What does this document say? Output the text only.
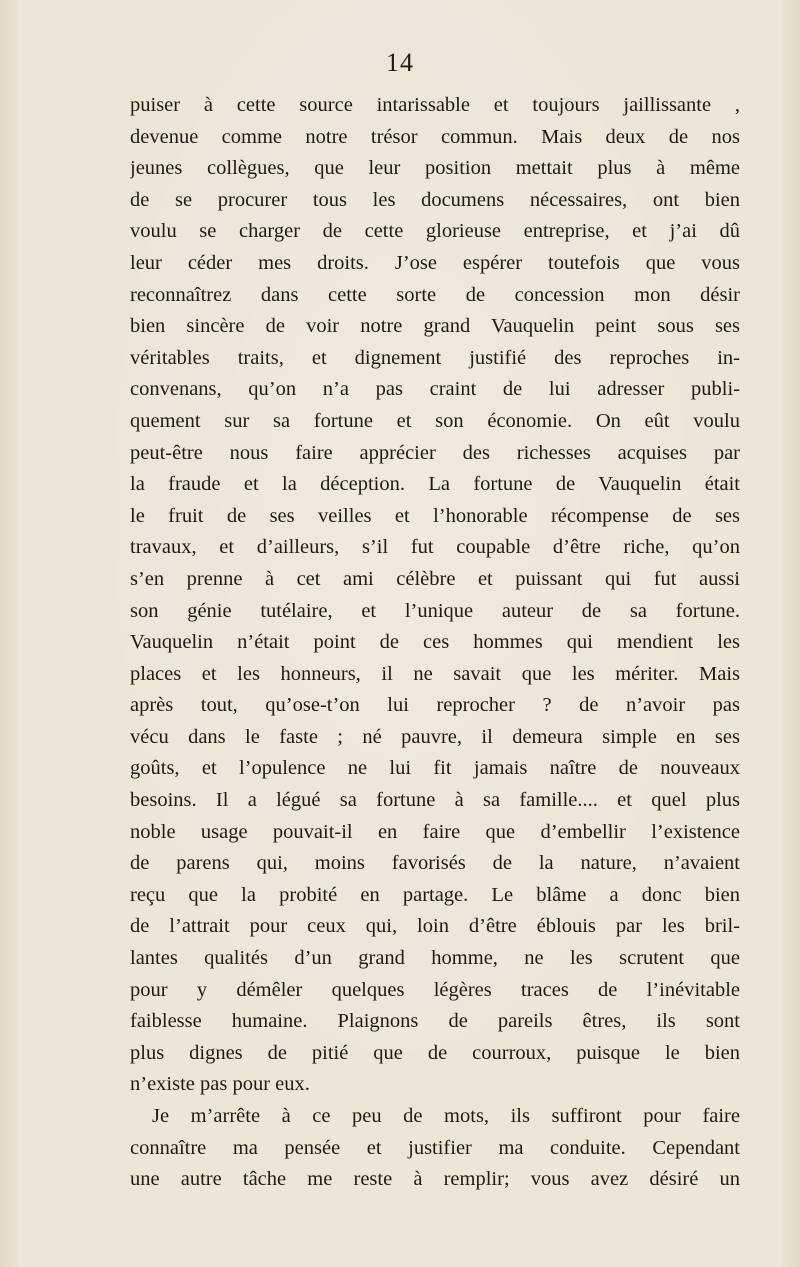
14
puiser à cette source intarissable et toujours jaillissante ,
devenue comme notre trésor commun. Mais deux de nos
jeunes collègues, que leur position mettait plus à même
de se procurer tous les documens nécessaires, ont bien
voulu se charger de cette glorieuse entreprise, et j’ai dû
leur céder mes droits. J’ose espérer toutefois que vous
reconnaîtrez dans cette sorte de concession mon désir
bien sincère de voir notre grand Vauquelin peint sous ses
véritables traits, et dignement justifié des reproches in-
convenans, qu’on n’a pas craint de lui adresser publi-
quement sur sa fortune et son économie. On eût voulu
peut-être nous faire apprécier des richesses acquises par
la fraude et la déception. La fortune de Vauquelin était
le fruit de ses veilles et l’honorable récompense de ses
travaux, et d’ailleurs, s’il fut coupable d’être riche, qu’on
s’en prenne à cet ami célèbre et puissant qui fut aussi
son génie tutélaire, et l’unique auteur de sa fortune.
Vauquelin n’était point de ces hommes qui mendient les
places et les honneurs, il ne savait que les mériter. Mais
après tout, qu’ose-t’on lui reprocher ? de n’avoir pas
vécu dans le faste ; né pauvre, il demeura simple en ses
goûts, et l’opulence ne lui fit jamais naître de nouveaux
besoins. Il a légué sa fortune à sa famille.... et quel plus
noble usage pouvait-il en faire que d’embellir l’existence
de parens qui, moins favorisés de la nature, n’avaient
reçu que la probité en partage. Le blâme a donc bien
de l’attrait pour ceux qui, loin d’être éblouis par les bril-
lantes qualités d’un grand homme, ne les scrutent que
pour y démêler quelques légères traces de l’inévitable
faiblesse humaine. Plaignons de pareils êtres, ils sont
plus dignes de pitié que de courroux, puisque le bien
n’existe pas pour eux.
Je m’arrête à ce peu de mots, ils suffiront pour faire
connaître ma pensée et justifier ma conduite. Cependant
une autre tâche me reste à remplir; vous avez désiré un
